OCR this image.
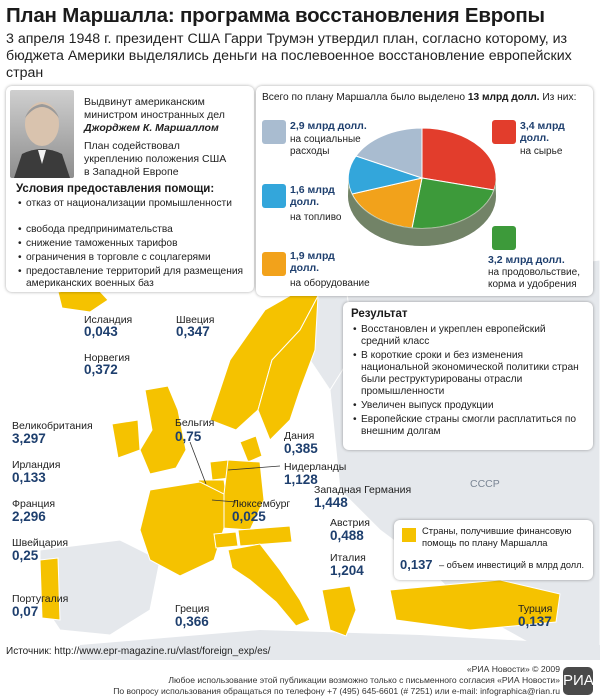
План Маршалла: программа восстановления Европы
3 апреля 1948 г. президент США Гарри Трумэн утвердил план, согласно которому, из бюджета Америки выделялись деньги на послевоенное восстановление европейских стран
Исландия
0,043
Швеция
0,347
Норвегия
0,372
Великобритания
3,297
Бельгия
0,75	Дания
0,385
Нидерланды
1,128
Ирландия
0,133
Западная Германия
1,448
Франция
2,296
Люксембург
0,025	Австрия
0,488
Швейцария
0,25	Италия
1,204
Португалия
0,07	Греция
0,366
Турция
0,137
СССР
Выдвинут американским
министром иностранных дел
Джорджем К. Маршаллом
План содействовал
укреплению положения США
в Западной Европе
Условия предоставления помощи:
• отказ от национализации промышленности
• свобода предпринимательства
• снижение таможенных тарифов
• ограничения в торговле с соцлагерями
• предоставление территорий для размещения американских военных баз
Всего по плану Маршалла было выделено 13 млрд долл. Из них:
2,9 млрд долл.
на социальные расходы
1,6 млрд долл.
на топливо
1,9 млрд долл.
на оборудование
3,4 млрд долл.
на сырье
3,2 млрд долл.
на продовольствие, корма и удобрения
Результат
• Восстановлен и укреплен европейский средний класс
• В короткие сроки и без изменения национальной экономической политики стран были реструктурированы отрасли промышленности
• Увеличен выпуск продукции
• Европейские страны смогли расплатиться по внешним долгам
Страны, получившие финансовую
помощь по плану Маршалла
0,137 – объем инвестиций в млрд долл.
Источник: http://www.epr-magazine.ru/vlast/foreign_exp/es/
«РИА Новости» © 2009
Любое использование этой публикации возможно только с письменного согласия «РИА Новости»
По вопросу использования обращаться по телефону +7 (495) 645-6601 (# 7251) или e-mail: infographica@rian.ru
РИА
